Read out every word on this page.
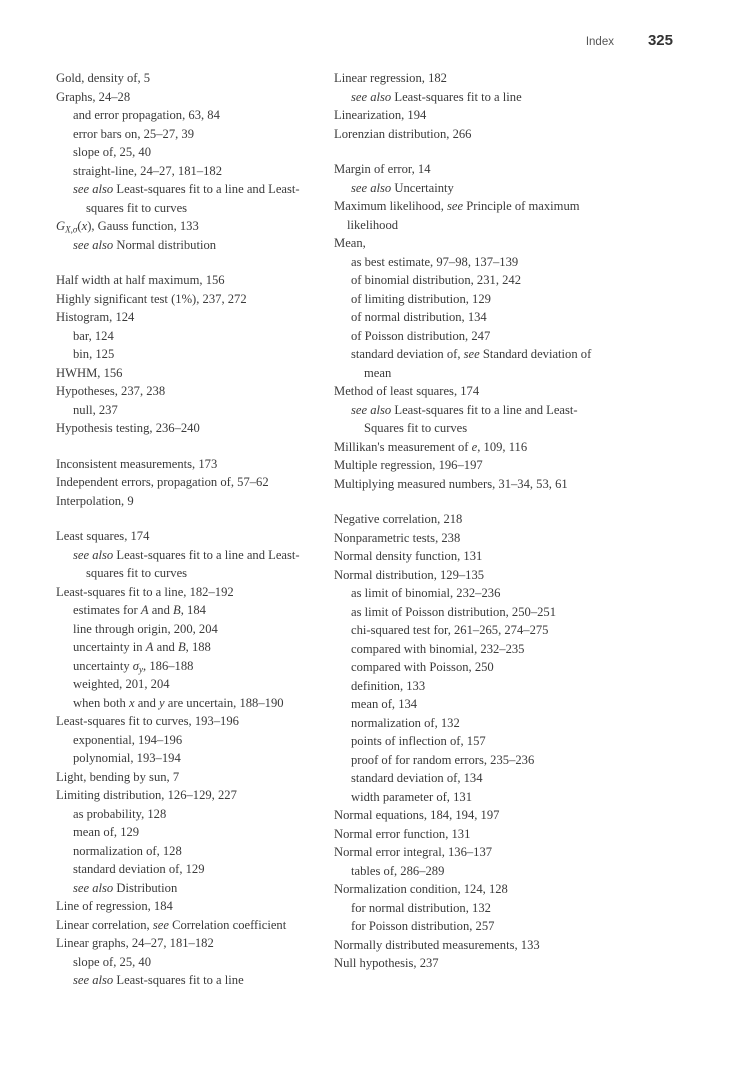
Index 325
Gold, density of, 5
Graphs, 24–28
and error propagation, 63, 84
error bars on, 25–27, 39
slope of, 25, 40
straight-line, 24–27, 181–182
see also Least-squares fit to a line and Least-squares fit to curves
$G_{X,\sigma}(x)$, Gauss function, 133
see also Normal distribution
Half width at half maximum, 156
Highly significant test (1%), 237, 272
Histogram, 124
bar, 124
bin, 125
HWHM, 156
Hypotheses, 237, 238
null, 237
Hypothesis testing, 236–240
Inconsistent measurements, 173
Independent errors, propagation of, 57–62
Interpolation, 9
Least squares, 174
see also Least-squares fit to a line and Least-squares fit to curves
Least-squares fit to a line, 182–192
estimates for A and B, 184
line through origin, 200, 204
uncertainty in A and B, 188
uncertainty $\sigma_y$, 186–188
weighted, 201, 204
when both x and y are uncertain, 188–190
Least-squares fit to curves, 193–196
exponential, 194–196
polynomial, 193–194
Light, bending by sun, 7
Limiting distribution, 126–129, 227
as probability, 128
mean of, 129
normalization of, 128
standard deviation of, 129
see also Distribution
Line of regression, 184
Linear correlation, see Correlation coefficient
Linear graphs, 24–27, 181–182
slope of, 25, 40
see also Least-squares fit to a line
Linear regression, 182
see also Least-squares fit to a line
Linearization, 194
Lorenzian distribution, 266
Margin of error, 14
see also Uncertainty
Maximum likelihood, see Principle of maximum likelihood
Mean,
as best estimate, 97–98, 137–139
of binomial distribution, 231, 242
of limiting distribution, 129
of normal distribution, 134
of Poisson distribution, 247
standard deviation of, see Standard deviation of mean
Method of least squares, 174
see also Least-squares fit to a line and Least-Squares fit to curves
Millikan's measurement of e, 109, 116
Multiple regression, 196–197
Multiplying measured numbers, 31–34, 53, 61
Negative correlation, 218
Nonparametric tests, 238
Normal density function, 131
Normal distribution, 129–135
as limit of binomial, 232–236
as limit of Poisson distribution, 250–251
chi-squared test for, 261–265, 274–275
compared with binomial, 232–235
compared with Poisson, 250
definition, 133
mean of, 134
normalization of, 132
points of inflection of, 157
proof of for random errors, 235–236
standard deviation of, 134
width parameter of, 131
Normal equations, 184, 194, 197
Normal error function, 131
Normal error integral, 136–137
tables of, 286–289
Normalization condition, 124, 128
for normal distribution, 132
for Poisson distribution, 257
Normally distributed measurements, 133
Null hypothesis, 237
